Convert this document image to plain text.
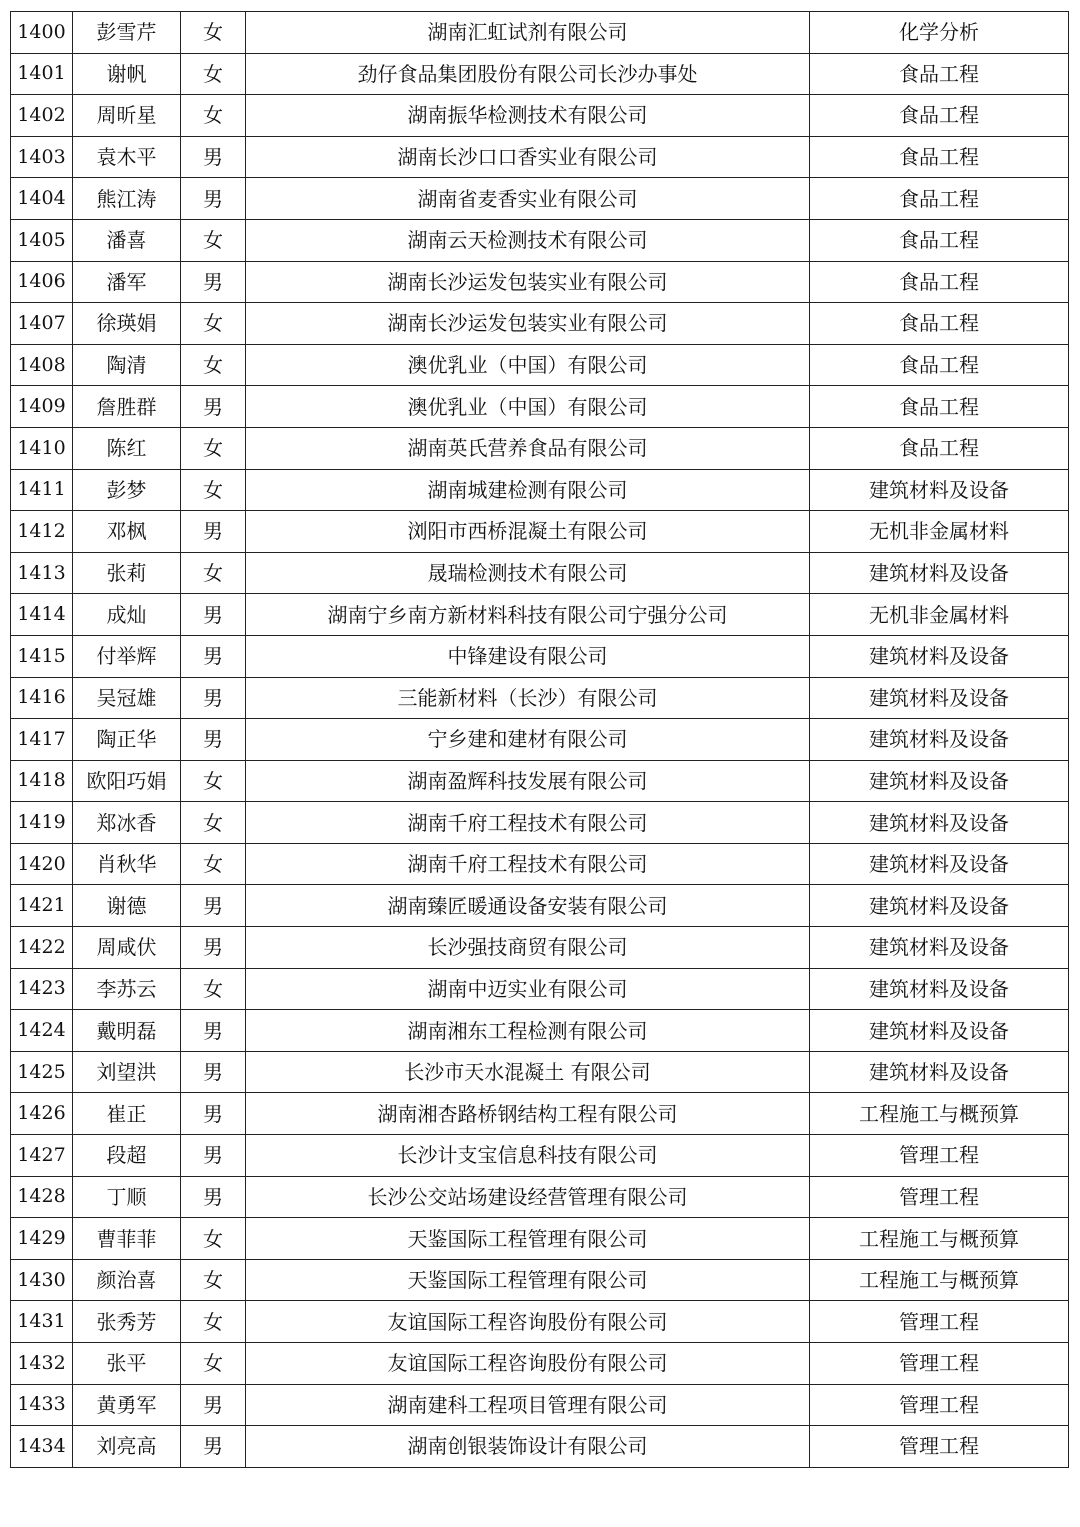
1400	彭雪芹	女	湖南汇虹试剂有限公司	化学分析
1401	谢帆	女	劲仔食品集团股份有限公司长沙办事处	食品工程
1402	周昕星	女	湖南振华检测技术有限公司	食品工程
1403	袁木平	男	湖南长沙口口香实业有限公司	食品工程
1404	熊江涛	男	湖南省麦香实业有限公司	食品工程
1405	潘喜	女	湖南云天检测技术有限公司	食品工程
1406	潘军	男	湖南长沙运发包装实业有限公司	食品工程
1407	徐瑛娟	女	湖南长沙运发包装实业有限公司	食品工程
1408	陶清	女	澳优乳业（中国）有限公司	食品工程
1409	詹胜群	男	澳优乳业（中国）有限公司	食品工程
1410	陈红	女	湖南英氏营养食品有限公司	食品工程
1411	彭梦	女	湖南城建检测有限公司	建筑材料及设备
1412	邓枫	男	浏阳市西桥混凝土有限公司	无机非金属材料
1413	张莉	女	晟瑞检测技术有限公司	建筑材料及设备
1414	成灿	男	湖南宁乡南方新材料科技有限公司宁强分公司	无机非金属材料
1415	付举辉	男	中锋建设有限公司	建筑材料及设备
1416	吴冠雄	男	三能新材料（长沙）有限公司	建筑材料及设备
1417	陶正华	男	宁乡建和建材有限公司	建筑材料及设备
1418	欧阳巧娟	女	湖南盈辉科技发展有限公司	建筑材料及设备
1419	郑冰香	女	湖南千府工程技术有限公司	建筑材料及设备
1420	肖秋华	女	湖南千府工程技术有限公司	建筑材料及设备
1421	谢德	男	湖南臻匠暖通设备安装有限公司	建筑材料及设备
1422	周咸伏	男	长沙强技商贸有限公司	建筑材料及设备
1423	李苏云	女	湖南中迈实业有限公司	建筑材料及设备
1424	戴明磊	男	湖南湘东工程检测有限公司	建筑材料及设备
1425	刘望洪	男	长沙市天水混凝土 有限公司	建筑材料及设备
1426	崔正	男	湖南湘杏路桥钢结构工程有限公司	工程施工与概预算
1427	段超	男	长沙计支宝信息科技有限公司	管理工程
1428	丁顺	男	长沙公交站场建设经营管理有限公司	管理工程
1429	曹菲菲	女	天鉴国际工程管理有限公司	工程施工与概预算
1430	颜治喜	女	天鉴国际工程管理有限公司	工程施工与概预算
1431	张秀芳	女	友谊国际工程咨询股份有限公司	管理工程
1432	张平	女	友谊国际工程咨询股份有限公司	管理工程
1433	黄勇军	男	湖南建科工程项目管理有限公司	管理工程
1434	刘亮高	男	湖南创银装饰设计有限公司	管理工程
